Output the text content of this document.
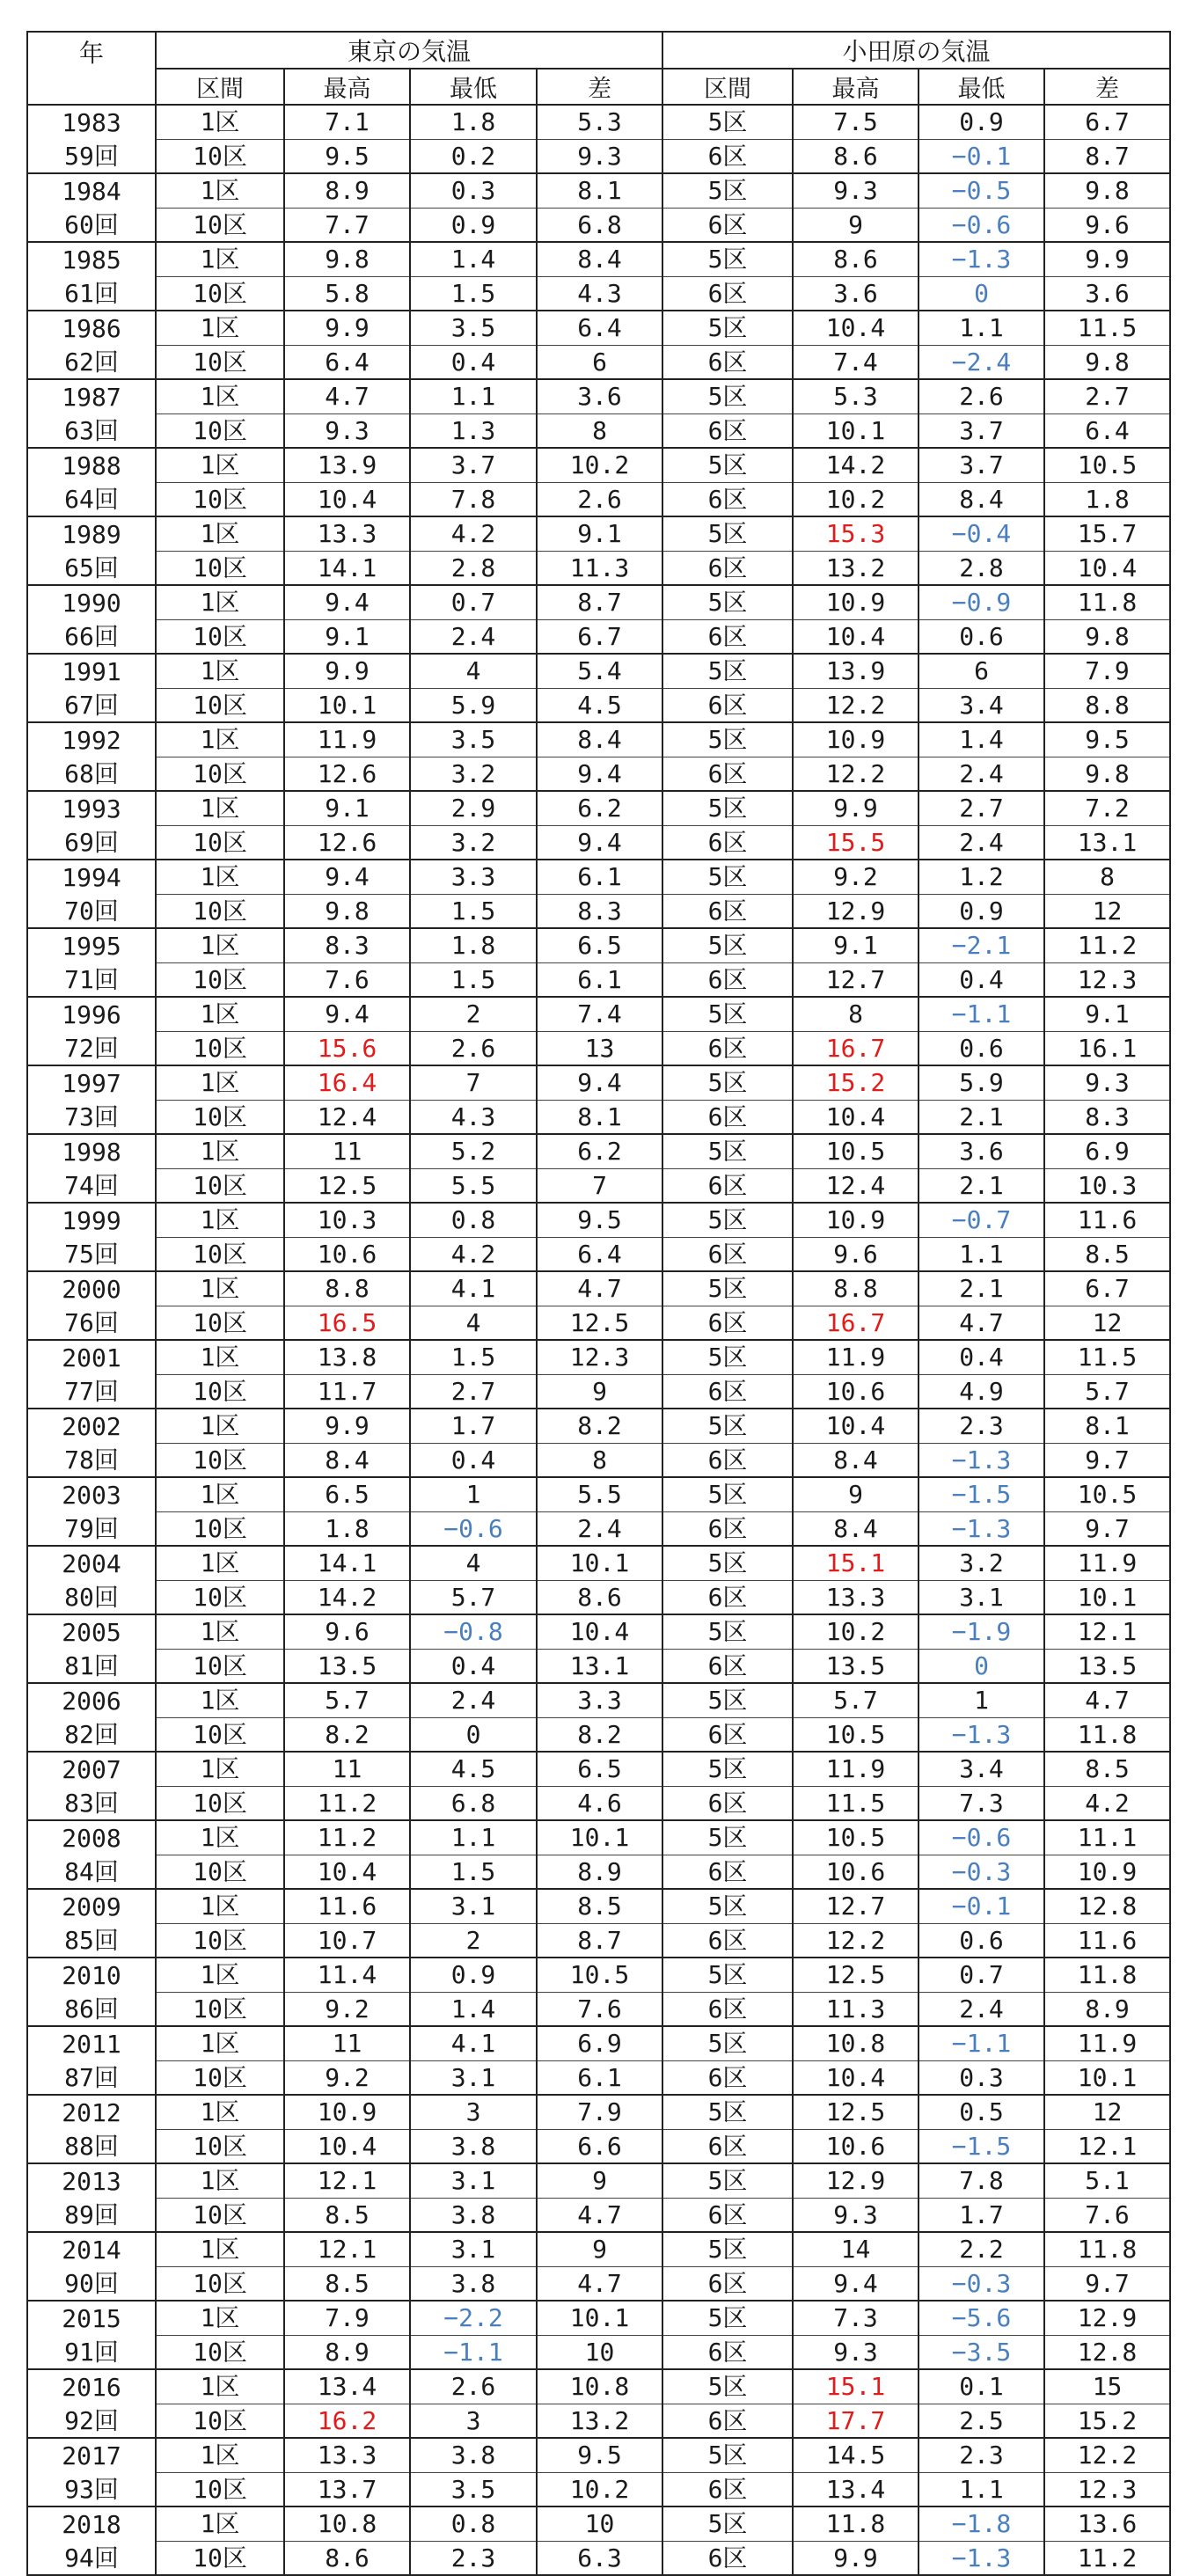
年	東京の気温				小田原の気温			
	区間	最高	最低	差	区間	最高	最低	差
1983	1区	7.1	1.8	5.3	5区	7.5	0.9	6.7
59回	10区	9.5	0.2	9.3	6区	8.6	−0.1	8.7
1984	1区	8.9	0.3	8.1	5区	9.3	−0.5	9.8
60回	10区	7.7	0.9	6.8	6区	9	−0.6	9.6
1985	1区	9.8	1.4	8.4	5区	8.6	−1.3	9.9
61回	10区	5.8	1.5	4.3	6区	3.6	0	3.6
1986	1区	9.9	3.5	6.4	5区	10.4	1.1	11.5
62回	10区	6.4	0.4	6	6区	7.4	−2.4	9.8
1987	1区	4.7	1.1	3.6	5区	5.3	2.6	2.7
63回	10区	9.3	1.3	8	6区	10.1	3.7	6.4
1988	1区	13.9	3.7	10.2	5区	14.2	3.7	10.5
64回	10区	10.4	7.8	2.6	6区	10.2	8.4	1.8
1989	1区	13.3	4.2	9.1	5区	15.3	−0.4	15.7
65回	10区	14.1	2.8	11.3	6区	13.2	2.8	10.4
1990	1区	9.4	0.7	8.7	5区	10.9	−0.9	11.8
66回	10区	9.1	2.4	6.7	6区	10.4	0.6	9.8
1991	1区	9.9	4	5.4	5区	13.9	6	7.9
67回	10区	10.1	5.9	4.5	6区	12.2	3.4	8.8
1992	1区	11.9	3.5	8.4	5区	10.9	1.4	9.5
68回	10区	12.6	3.2	9.4	6区	12.2	2.4	9.8
1993	1区	9.1	2.9	6.2	5区	9.9	2.7	7.2
69回	10区	12.6	3.2	9.4	6区	15.5	2.4	13.1
1994	1区	9.4	3.3	6.1	5区	9.2	1.2	8
70回	10区	9.8	1.5	8.3	6区	12.9	0.9	12
1995	1区	8.3	1.8	6.5	5区	9.1	−2.1	11.2
71回	10区	7.6	1.5	6.1	6区	12.7	0.4	12.3
1996	1区	9.4	2	7.4	5区	8	−1.1	9.1
72回	10区	15.6	2.6	13	6区	16.7	0.6	16.1
1997	1区	16.4	7	9.4	5区	15.2	5.9	9.3
73回	10区	12.4	4.3	8.1	6区	10.4	2.1	8.3
1998	1区	11	5.2	6.2	5区	10.5	3.6	6.9
74回	10区	12.5	5.5	7	6区	12.4	2.1	10.3
1999	1区	10.3	0.8	9.5	5区	10.9	−0.7	11.6
75回	10区	10.6	4.2	6.4	6区	9.6	1.1	8.5
2000	1区	8.8	4.1	4.7	5区	8.8	2.1	6.7
76回	10区	16.5	4	12.5	6区	16.7	4.7	12
2001	1区	13.8	1.5	12.3	5区	11.9	0.4	11.5
77回	10区	11.7	2.7	9	6区	10.6	4.9	5.7
2002	1区	9.9	1.7	8.2	5区	10.4	2.3	8.1
78回	10区	8.4	0.4	8	6区	8.4	−1.3	9.7
2003	1区	6.5	1	5.5	5区	9	−1.5	10.5
79回	10区	1.8	−0.6	2.4	6区	8.4	−1.3	9.7
2004	1区	14.1	4	10.1	5区	15.1	3.2	11.9
80回	10区	14.2	5.7	8.6	6区	13.3	3.1	10.1
2005	1区	9.6	−0.8	10.4	5区	10.2	−1.9	12.1
81回	10区	13.5	0.4	13.1	6区	13.5	0	13.5
2006	1区	5.7	2.4	3.3	5区	5.7	1	4.7
82回	10区	8.2	0	8.2	6区	10.5	−1.3	11.8
2007	1区	11	4.5	6.5	5区	11.9	3.4	8.5
83回	10区	11.2	6.8	4.6	6区	11.5	7.3	4.2
2008	1区	11.2	1.1	10.1	5区	10.5	−0.6	11.1
84回	10区	10.4	1.5	8.9	6区	10.6	−0.3	10.9
2009	1区	11.6	3.1	8.5	5区	12.7	−0.1	12.8
85回	10区	10.7	2	8.7	6区	12.2	0.6	11.6
2010	1区	11.4	0.9	10.5	5区	12.5	0.7	11.8
86回	10区	9.2	1.4	7.6	6区	11.3	2.4	8.9
2011	1区	11	4.1	6.9	5区	10.8	−1.1	11.9
87回	10区	9.2	3.1	6.1	6区	10.4	0.3	10.1
2012	1区	10.9	3	7.9	5区	12.5	0.5	12
88回	10区	10.4	3.8	6.6	6区	10.6	−1.5	12.1
2013	1区	12.1	3.1	9	5区	12.9	7.8	5.1
89回	10区	8.5	3.8	4.7	6区	9.3	1.7	7.6
2014	1区	12.1	3.1	9	5区	14	2.2	11.8
90回	10区	8.5	3.8	4.7	6区	9.4	−0.3	9.7
2015	1区	7.9	−2.2	10.1	5区	7.3	−5.6	12.9
91回	10区	8.9	−1.1	10	6区	9.3	−3.5	12.8
2016	1区	13.4	2.6	10.8	5区	15.1	0.1	15
92回	10区	16.2	3	13.2	6区	17.7	2.5	15.2
2017	1区	13.3	3.8	9.5	5区	14.5	2.3	12.2
93回	10区	13.7	3.5	10.2	6区	13.4	1.1	12.3
2018	1区	10.8	0.8	10	5区	11.8	−1.8	13.6
94回	10区	8.6	2.3	6.3	6区	9.9	−1.3	11.2
